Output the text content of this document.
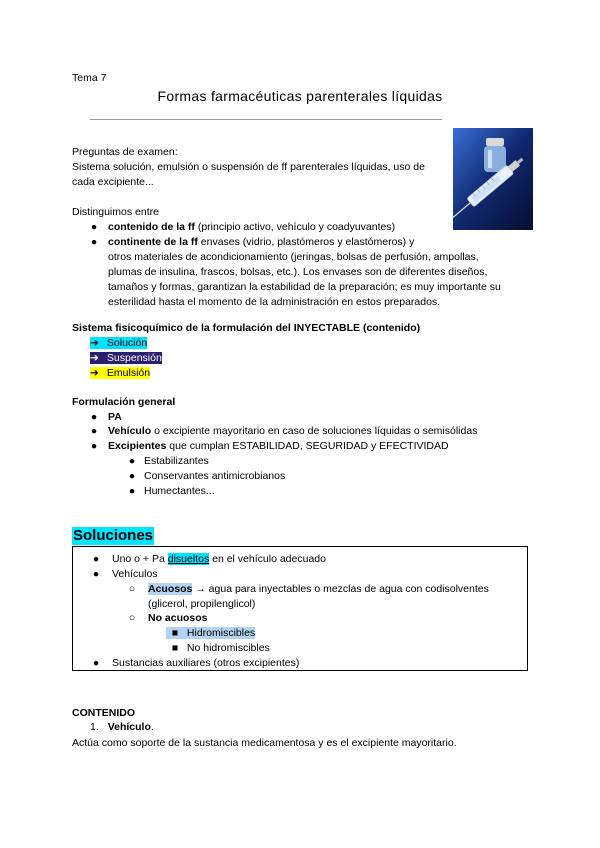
Tema 7
Formas farmacéuticas parenterales líquidas
Preguntas de examen:
Sistema solución, emulsión o suspensión de ff parenterales líquidas, uso de
cada excipiente...
Distinguimos entre
● contenido de la ff (principio activo, vehículo y coadyuvantes)
● continente de la ff envases (vidrio, plastómeros y elastómeros) y
otros materiales de acondicionamiento (jeringas, bolsas de perfusión, ampollas,
plumas de insulina, frascos, bolsas, etc.). Los envases son de diferentes diseños,
tamaños y formas, garantizan la estabilidad de la preparación; es muy importante su
esterilidad hasta el momento de la administración en estos preparados.
Sistema fisicoquímico de la formulación del INYECTABLE (contenido)
➔ Solución
➔ Suspensión
➔ Emulsión
Formulación general
● PA
● Vehículo o excipiente mayoritario en caso de soluciones líquidas o semisólidas
● Excipientes que cumplan ESTABILIDAD, SEGURIDAD y EFECTIVIDAD
● Estabilizantes
● Conservantes antimicrobianos
● Humectantes...
Soluciones
● Uno o + Pa disueltos en el vehículo adecuado
● Vehículos
○ Acuosos → agua para inyectables o mezclas de agua con codisolventes
(glicerol, propilenglicol)
○ No acuosos
■ Hidromiscibles
■ No hidromiscibles
● Sustancias auxiliares (otros excipientes)
CONTENIDO
1. Vehículo.
Actúa como soporte de la sustancia medicamentosa y es el excipiente mayoritario.
